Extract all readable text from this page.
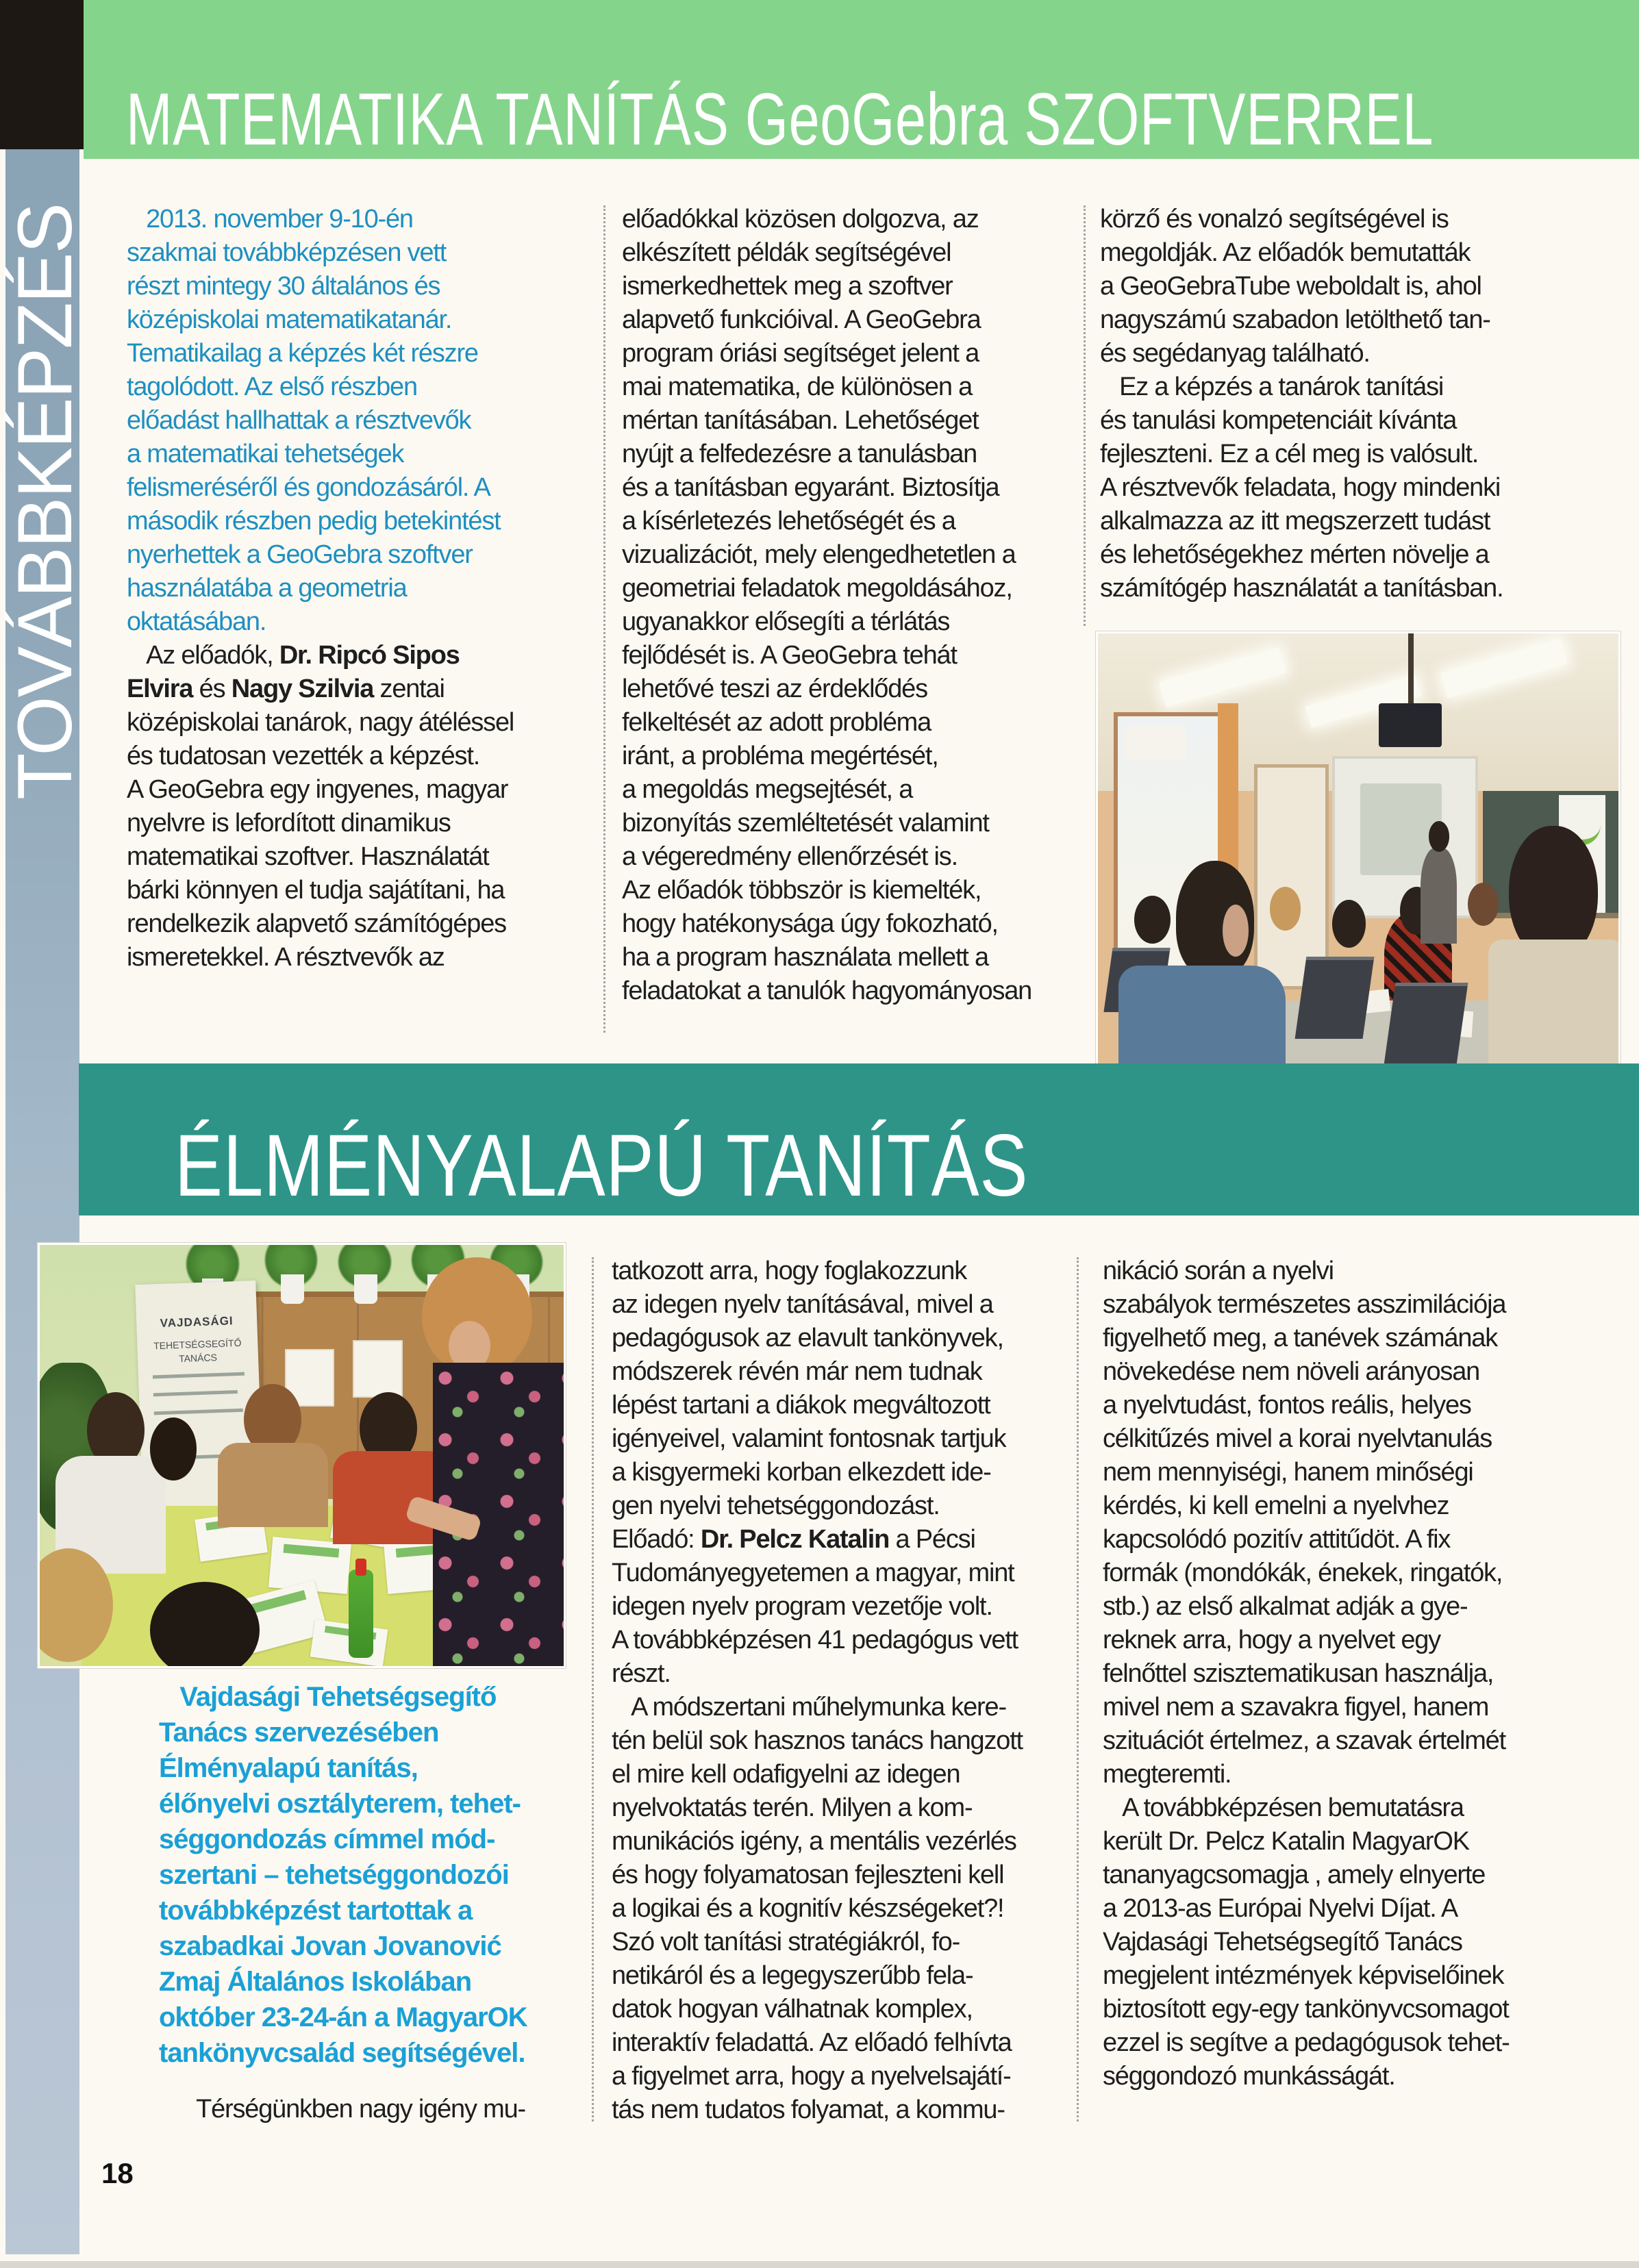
TOVÁBBKÉPZÉS
MATEMATIKA TANÍTÁS GeoGebra SZOFTVERREL
2013. november 9-10-én
szakmai továbbképzésen vett
részt mintegy 30 általános és
középiskolai matematikatanár.
Tematikailag a képzés két részre
tagolódott. Az első részben
előadást hallhattak a résztvevők
a matematikai tehetségek
felismeréséről és gondozásáról. A
második részben pedig betekintést
nyerhettek a GeoGebra szoftver
használatába a geometria
oktatásában.
Az előadók, Dr. Ripcó Sipos
Elvira és Nagy Szilvia zentai
középiskolai tanárok, nagy átéléssel
és tudatosan vezették a képzést.
A GeoGebra egy ingyenes, magyar
nyelvre is lefordított dinamikus
matematikai szoftver. Használatát
bárki könnyen el tudja sajátítani, ha
rendelkezik alapvető számítógépes
ismeretekkel. A résztvevők az
előadókkal közösen dolgozva, az
elkészített példák segítségével
ismerkedhettek meg a szoftver
alapvető funkcióival. A GeoGebra
program óriási segítséget jelent a
mai matematika, de különösen a
mértan tanításában. Lehetőséget
nyújt a felfedezésre a tanulásban
és a tanításban egyaránt. Biztosítja
a kísérletezés lehetőségét és a
vizualizációt, mely elengedhetetlen a
geometriai feladatok megoldásához,
ugyanakkor elősegíti a térlátás
fejlődését is. A GeoGebra tehát
lehetővé teszi az érdeklődés
felkeltését az adott probléma
iránt, a probléma megértését,
a megoldás megsejtését, a
bizonyítás szemléltetését valamint
a végeredmény ellenőrzését is.
Az előadók többször is kiemelték,
hogy hatékonysága úgy fokozható,
ha a program használata mellett a
feladatokat a tanulók hagyományosan
körző és vonalzó segítségével is
megoldják. Az előadók bemutatták
a GeoGebraTube weboldalt is, ahol
nagyszámú szabadon letölthető tan-
és segédanyag található.
Ez a képzés a tanárok tanítási
és tanulási kompetenciáit kívánta
fejleszteni. Ez a cél meg is valósult.
A résztvevők feladata, hogy mindenki
alkalmazza az itt megszerzett tudást
és lehetőségekhez mérten növelje a
számítógép használatát a tanításban.
ÉLMÉNYALAPÚ TANÍTÁS
VAJDASÁGI
TEHETSÉGSEGÍTŐ TANÁCS
Vajdasági Tehetségsegítő
Tanács szervezésében
Élményalapú tanítás,
élőnyelvi osztályterem, tehet-
séggondozás címmel mód-
szertani – tehetséggondozói
továbbképzést tartottak a
szabadkai Jovan Jovanović
Zmaj Általános Iskolában
október 23-24-án a MagyarOK
tankönyvcsalád segítségével.
Térségünkben nagy igény mu-
tatkozott arra, hogy foglakozzunk
az idegen nyelv tanításával, mivel a
pedagógusok az elavult tankönyvek,
módszerek révén már nem tudnak
lépést tartani a diákok megváltozott
igényeivel, valamint fontosnak tartjuk
a kisgyermeki korban elkezdett ide-
gen nyelvi tehetséggondozást.
Előadó: Dr. Pelcz Katalin a Pécsi
Tudományegyetemen a magyar, mint
idegen nyelv program vezetője volt.
A továbbképzésen 41 pedagógus vett
részt.
A módszertani műhelymunka kere-
tén belül sok hasznos tanács hangzott
el mire kell odafigyelni az idegen
nyelvoktatás terén. Milyen a kom-
munikációs igény, a mentális vezérlés
és hogy folyamatosan fejleszteni kell
a logikai és a kognitív készségeket?!
Szó volt tanítási stratégiákról, fo-
netikáról és a legegyszerűbb fela-
datok hogyan válhatnak komplex,
interaktív feladattá. Az előadó felhívta
a figyelmet arra, hogy a nyelvelsajátí-
tás nem tudatos folyamat, a kommu-
nikáció során a nyelvi
szabályok természetes asszimilációja
figyelhető meg, a tanévek számának
növekedése nem növeli arányosan
a nyelvtudást, fontos reális, helyes
célkitűzés mivel a korai nyelvtanulás
nem mennyiségi, hanem minőségi
kérdés, ki kell emelni a nyelvhez
kapcsolódó pozitív attitűdöt. A fix
formák (mondókák, énekek, ringatók,
stb.) az első alkalmat adják a gye-
reknek arra, hogy a nyelvet egy
felnőttel szisztematikusan használja,
mivel nem a szavakra figyel, hanem
szituációt értelmez, a szavak értelmét
megteremti.
A továbbképzésen bemutatásra
került Dr. Pelcz Katalin MagyarOK
tananyagcsomagja , amely elnyerte
a 2013-as Európai Nyelvi Díjat. A
Vajdasági Tehetségsegítő Tanács
megjelent intézmények képviselőinek
biztosított egy-egy tankönyvcsomagot
ezzel is segítve a pedagógusok tehet-
séggondozó munkásságát.
18
